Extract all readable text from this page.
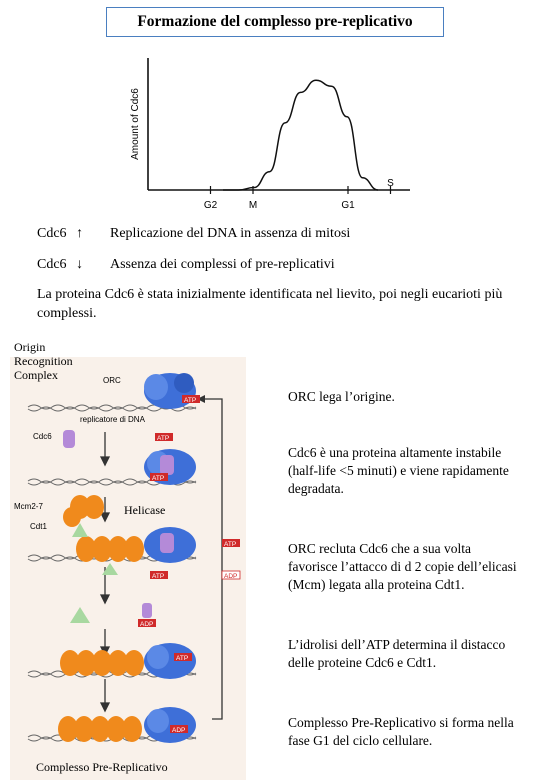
Formazione del complesso pre-replicativo
Amount of Cdc6
G2	M	G1
S
Cdc6 ↑ Replicazione del DNA in assenza di mitosi
Cdc6 ↓ Assenza dei complessi of pre-replicativi
La proteina Cdc6 è stata inizialmente identificata nel lievito, poi negli eucarioti più complessi.
Origin Recognition Complex
ATP
ATP
ATP
ATP
ATP
ADP
ADP
ATP
ADP
ORC
replicatore di DNA
Cdc6
Mcm2-7
Cdt1
Helicase
Complesso Pre-Replicativo
ORC lega l’origine.
Cdc6 è una proteina altamente instabile (half-life <5 minuti) e viene rapidamente degradata.
ORC recluta Cdc6 che a sua volta favorisce l’attacco di d 2 copie dell’elicasi (Mcm) legata alla proteina Cdt1.
L’idrolisi dell’ATP determina il distacco delle proteine Cdc6 e Cdt1.
Complesso Pre-Replicativo si forma nella fase G1 del ciclo cellulare.
